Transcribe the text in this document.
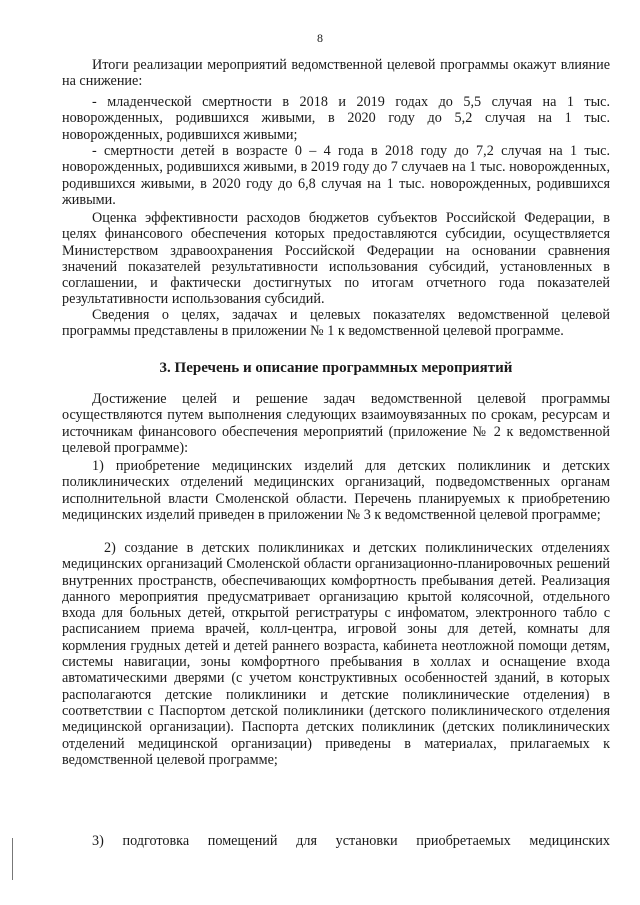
8

Итоги реализации мероприятий ведомственной целевой программы окажут влияние на снижение:

- младенческой смертности в 2018 и 2019 годах до 5,5 случая на 1 тыс. новорожденных, родившихся живыми, в 2020 году до 5,2 случая на 1 тыс. новорожденных, родившихся живыми;

- смертности детей в возрасте 0 – 4 года в 2018 году до 7,2 случая на 1 тыс. новорожденных, родившихся живыми, в 2019 году до 7 случаев на 1 тыс. новорожденных, родившихся живыми, в 2020 году до 6,8 случая на 1 тыс. новорожденных, родившихся живыми.

Оценка эффективности расходов бюджетов субъектов Российской Федерации, в целях финансового обеспечения которых предоставляются субсидии, осуществляется Министерством здравоохранения Российской Федерации на основании сравнения значений показателей результативности использования субсидий, установленных в соглашении, и фактически достигнутых по итогам отчетного года показателей результативности использования субсидий.

Сведения о целях, задачах и целевых показателях ведомственной целевой программы представлены в приложении № 1 к ведомственной целевой программе.

3. Перечень и описание программных мероприятий

Достижение целей и решение задач ведомственной целевой программы осуществляются путем выполнения следующих взаимоувязанных по срокам, ресурсам и источникам финансового обеспечения мероприятий (приложение № 2 к ведомственной целевой программе):

1) приобретение медицинских изделий для детских поликлиник и детских поликлинических отделений медицинских организаций, подведомственных органам исполнительной власти Смоленской области. Перечень планируемых к приобретению медицинских изделий приведен в приложении № 3 к ведомственной целевой программе;

2) создание в детских поликлиниках и детских поликлинических отделениях медицинских организаций Смоленской области организационно-планировочных решений внутренних пространств, обеспечивающих комфортность пребывания детей. Реализация данного мероприятия предусматривает организацию крытой колясочной, отдельного входа для больных детей, открытой регистратуры с инфоматом, электронного табло с расписанием приема врачей, колл-центра, игровой зоны для детей, комнаты для кормления грудных детей и детей раннего возраста, кабинета неотложной помощи детям, системы навигации, зоны комфортного пребывания в холлах и оснащение входа автоматическими дверями (с учетом конструктивных особенностей зданий, в которых располагаются детские поликлиники и детские поликлинические отделения) в соответствии с Паспортом детской поликлиники (детского поликлинического отделения медицинской организации). Паспорта детских поликлиник (детских поликлинических отделений медицинской организации) приведены в материалах, прилагаемых к ведомственной целевой программе;

3) подготовка помещений для установки приобретаемых медицинских
